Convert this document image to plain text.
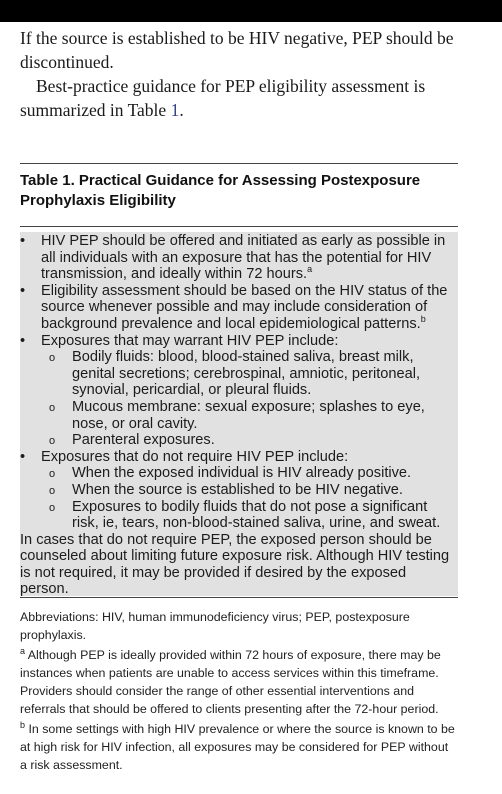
If the source is established to be HIV negative, PEP should be discontinued.
Best-practice guidance for PEP eligibility assessment is summarized in Table 1.
Table 1. Practical Guidance for Assessing Postexposure Prophylaxis Eligibility
• HIV PEP should be offered and initiated as early as possible in all individuals with an exposure that has the potential for HIV transmission, and ideally within 72 hours.$^a$
• Eligibility assessment should be based on the HIV status of the source whenever possible and may include consideration of background prevalence and local epidemiological patterns.$^b$
• Exposures that may warrant HIV PEP include:
o Bodily fluids: blood, blood-stained saliva, breast milk, genital secretions; cerebrospinal, amniotic, peritoneal, synovial, pericardial, or pleural fluids.
o Mucous membrane: sexual exposure; splashes to eye, nose, or oral cavity.
o Parenteral exposures.
• Exposures that do not require HIV PEP include:
o When the exposed individual is HIV already positive.
o When the source is established to be HIV negative.
o Exposures to bodily fluids that do not pose a significant risk, ie, tears, non-blood-stained saliva, urine, and sweat.
In cases that do not require PEP, the exposed person should be counseled about limiting future exposure risk. Although HIV testing is not required, it may be provided if desired by the exposed person.

Abbreviations: HIV, human immunodeficiency virus; PEP, postexposure prophylaxis.

$^a$ Although PEP is ideally provided within 72 hours of exposure, there may be instances when patients are unable to access services within this timeframe. Providers should consider the range of other essential interventions and referrals that should be offered to clients presenting after the 72-hour period.

$^b$ In some settings with high HIV prevalence or where the source is known to be at high risk for HIV infection, all exposures may be considered for PEP without a risk assessment.
